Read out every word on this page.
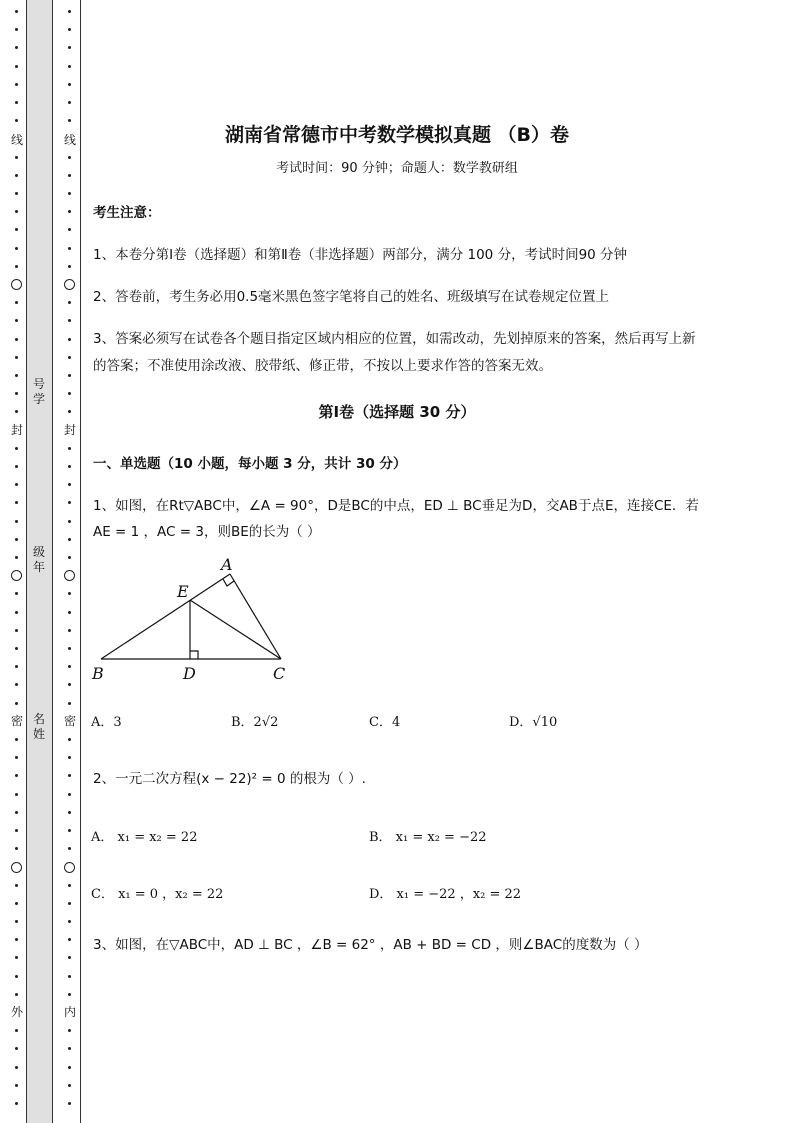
线
封
密
外
线
封
密
内
号
学
级
年
名
姓
湖南省常德市中考数学模拟真题 （B）卷
考试时间：90 分钟；命题人：数学教研组
考生注意：
1、本卷分第Ⅰ卷（选择题）和第Ⅱ卷（非选择题）两部分，满分 100 分，考试时间90 分钟
2、答卷前，考生务必用0.5毫米黑色签字笔将自己的姓名、班级填写在试卷规定位置上
3、答案必须写在试卷各个题目指定区域内相应的位置，如需改动，先划掉原来的答案，然后再写上新
的答案；不准使用涂改液、胶带纸、修正带，不按以上要求作答的答案无效。
第Ⅰ卷（选择题 30 分）
一、单选题（10 小题，每小题 3 分，共计 30 分）
1、如图，在Rt▽ABC中，∠A = 90°，D是BC的中点，ED ⊥ BC垂足为D，交AB于点E，连接CE．若
AE = 1 ，AC = 3，则BE的长为（ ）
A
E
B	D	C
A．3	B．2√2	C．4	D．√10
2、一元二次方程(x − 22)² = 0 的根为（ ）.
A． x₁ = x₂ = 22	B． x₁ = x₂ = −22
C． x₁ = 0 ，x₂ = 22	D． x₁ = −22 ，x₂ = 22
3、如图，在▽ABC中，AD ⊥ BC ，∠B = 62° ，AB + BD = CD ，则∠BAC的度数为（ ）
